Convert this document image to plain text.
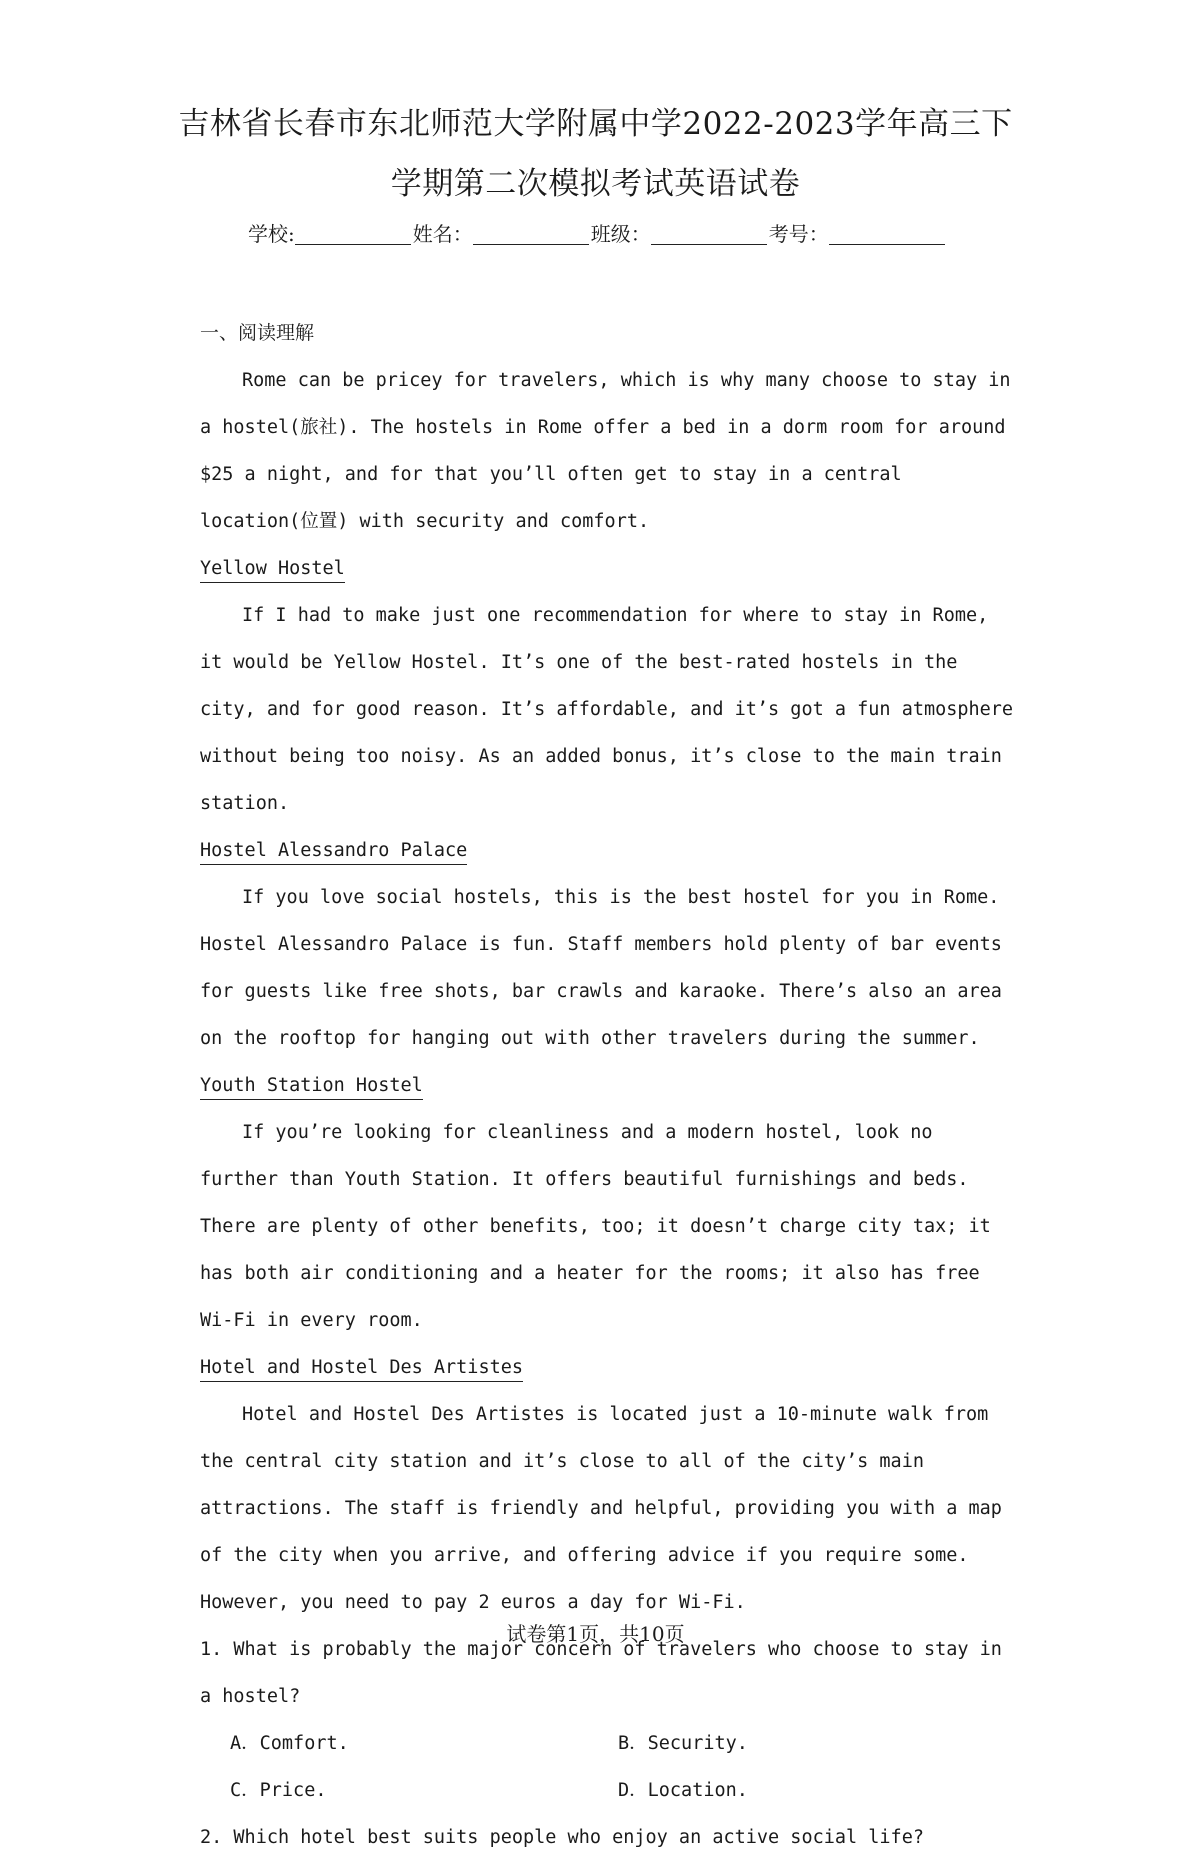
吉林省长春市东北师范大学附属中学2022-2023学年高三下
学期第二次模拟考试英语试卷
学校:	姓名：	班级：	考号：

一、阅读理解

Rome can be pricey for travelers, which is why many choose to stay in a hostel(旅社). The hostels in Rome offer a bed in a dorm room for around $25 a night, and for that you’ll often get to stay in a central location(位置) with security and comfort.

Yellow Hostel

If I had to make just one recommendation for where to stay in Rome, it would be Yellow Hostel. It’s one of the best-rated hostels in the city, and for good reason. It’s affordable, and it’s got a fun atmosphere without being too noisy. As an added bonus, it’s close to the main train station.

Hostel Alessandro Palace

If you love social hostels, this is the best hostel for you in Rome. Hostel Alessandro Palace is fun. Staff members hold plenty of bar events for guests like free shots, bar crawls and karaoke. There’s also an area on the rooftop for hanging out with other travelers during the summer.

Youth Station Hostel

If you’re looking for cleanliness and a modern hostel, look no further than Youth Station. It offers beautiful furnishings and beds. There are plenty of other benefits, too; it doesn’t charge city tax; it has both air conditioning and a heater for the rooms; it also has free Wi-Fi in every room.

Hotel and Hostel Des Artistes

Hotel and Hostel Des Artistes is located just a 10-minute walk from the central city station and it’s close to all of the city’s main attractions. The staff is friendly and helpful, providing you with a map of the city when you arrive, and offering advice if you require some. However, you need to pay 2 euros a day for Wi-Fi.

1. What is probably the major concern of travelers who choose to stay in a hostel?

A．Comfort.	B．Security.
C．Price.	D．Location.

2. Which hotel best suits people who enjoy an active social life?

试卷第1页，共10页
